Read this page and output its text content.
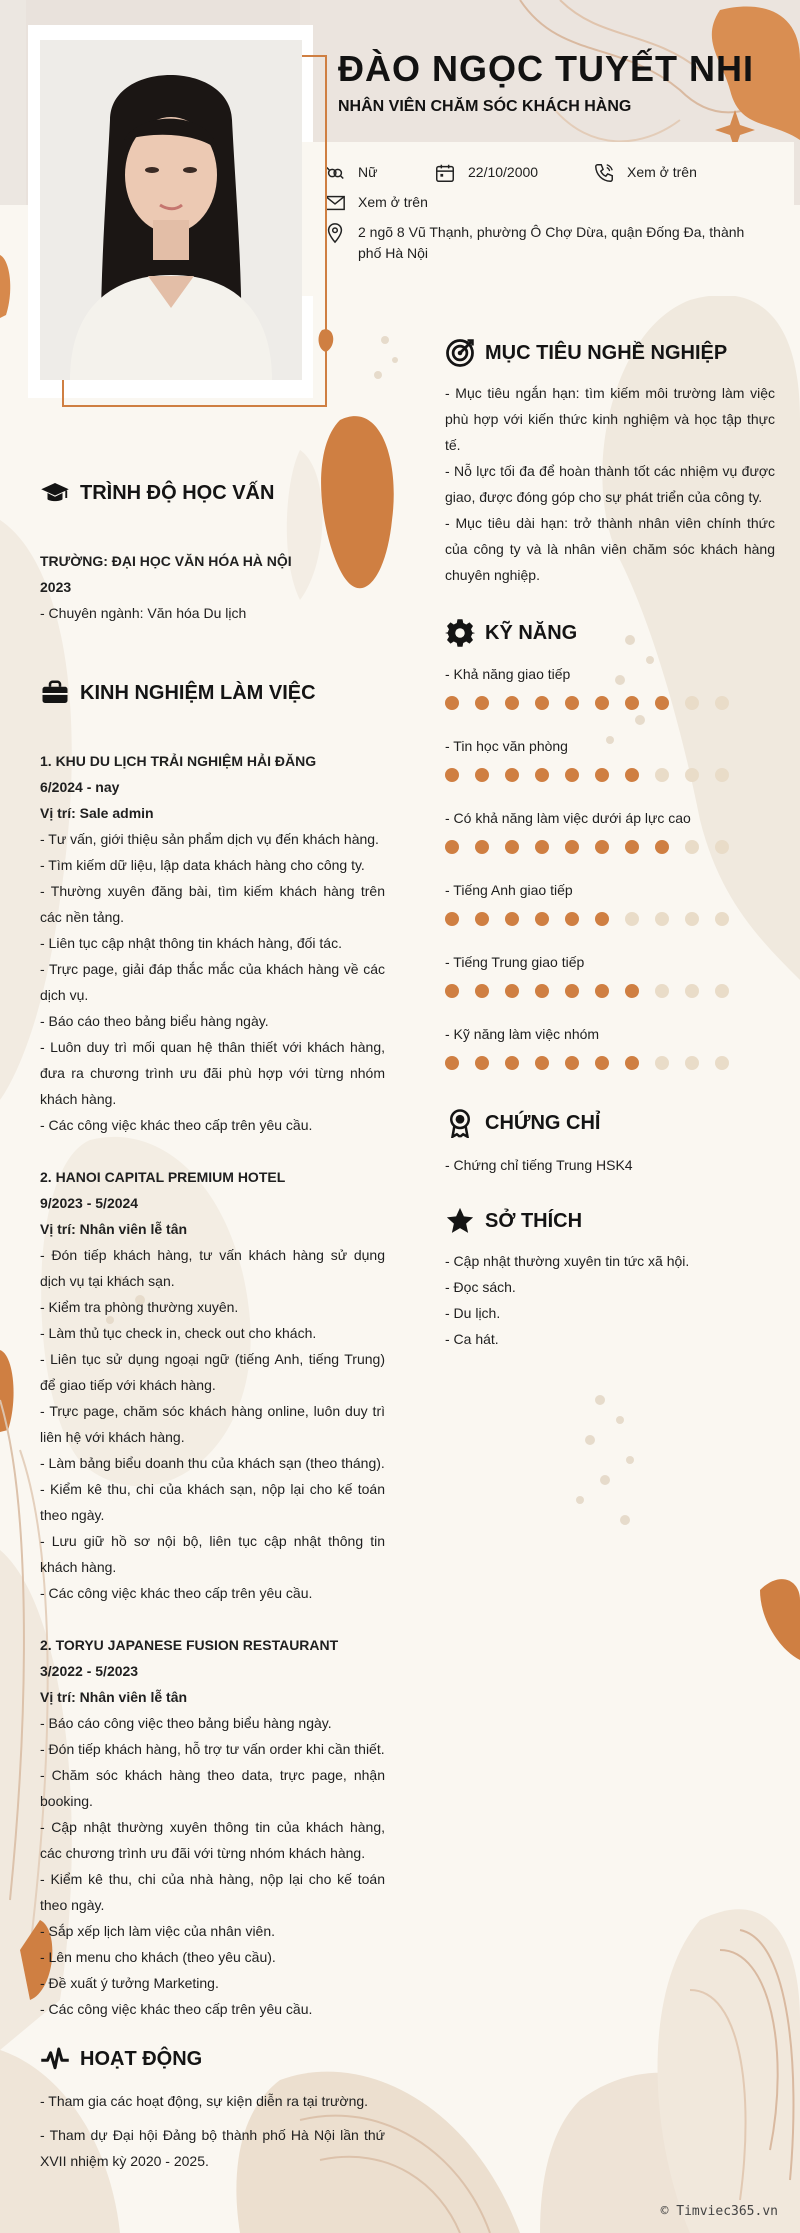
ĐÀO NGỌC TUYẾT NHI
NHÂN VIÊN CHĂM SÓC KHÁCH HÀNG
Nữ	22/10/2000	Xem ở trên
Xem ở trên
2 ngõ 8 Vũ Thạnh, phường Ô Chợ Dừa, quận Đống Đa, thành phố Hà Nội
TRÌNH ĐỘ HỌC VẤN

TRƯỜNG: ĐẠI HỌC VĂN HÓA HÀ NỘI

2023

- Chuyên ngành: Văn hóa Du lịch

KINH NGHIỆM LÀM VIỆC

1. KHU DU LỊCH TRẢI NGHIỆM HẢI ĐĂNG

6/2024 - nay

Vị trí: Sale admin

- Tư vấn, giới thiệu sản phẩm dịch vụ đến khách hàng.

- Tìm kiếm dữ liệu, lập data khách hàng cho công ty.

- Thường xuyên đăng bài, tìm kiếm khách hàng trên các nền tảng.

- Liên tục cập nhật thông tin khách hàng, đối tác.

- Trực page, giải đáp thắc mắc của khách hàng về các dịch vụ.

- Báo cáo theo bảng biểu hàng ngày.

- Luôn duy trì mối quan hệ thân thiết với khách hàng, đưa ra chương trình ưu đãi phù hợp với từng nhóm khách hàng.

- Các công việc khác theo cấp trên yêu cầu.

2. HANOI CAPITAL PREMIUM HOTEL

9/2023 - 5/2024

Vị trí: Nhân viên lễ tân

- Đón tiếp khách hàng, tư vấn khách hàng sử dụng dịch vụ tại khách sạn.

- Kiểm tra phòng thường xuyên.

- Làm thủ tục check in, check out cho khách.

- Liên tục sử dụng ngoại ngữ (tiếng Anh, tiếng Trung) để giao tiếp với khách hàng.

- Trực page, chăm sóc khách hàng online, luôn duy trì liên hệ với khách hàng.

- Làm bảng biểu doanh thu của khách sạn (theo tháng).

- Kiểm kê thu, chi của khách sạn, nộp lại cho kế toán theo ngày.

- Lưu giữ hồ sơ nội bộ, liên tục cập nhật thông tin khách hàng.

- Các công việc khác theo cấp trên yêu cầu.

2. TORYU JAPANESE FUSION RESTAURANT

3/2022 - 5/2023

Vị trí: Nhân viên lễ tân

- Báo cáo công việc theo bảng biểu hàng ngày.

- Đón tiếp khách hàng, hỗ trợ tư vấn order khi cần thiết.

- Chăm sóc khách hàng theo data, trực page, nhận booking.

- Cập nhật thường xuyên thông tin của khách hàng, các chương trình ưu đãi với từng nhóm khách hàng.

- Kiểm kê thu, chi của nhà hàng, nộp lại cho kế toán theo ngày.

- Sắp xếp lịch làm việc của nhân viên.

- Lên menu cho khách (theo yêu cầu).

- Đề xuất ý tưởng Marketing.

- Các công việc khác theo cấp trên yêu cầu.

HOẠT ĐỘNG

- Tham gia các hoạt động, sự kiện diễn ra tại trường.

- Tham dự Đại hội Đảng bộ thành phố Hà Nội lần thứ XVII nhiệm kỳ 2020 - 2025.

MỤC TIÊU NGHỀ NGHIỆP

- Mục tiêu ngắn hạn: tìm kiếm môi trường làm việc phù hợp với kiến thức kinh nghiệm và học tập thực tế.

- Nỗ lực tối đa để hoàn thành tốt các nhiệm vụ được giao, được đóng góp cho sự phát triển của công ty.

- Mục tiêu dài hạn: trở thành nhân viên chính thức của công ty và là nhân viên chăm sóc khách hàng chuyên nghiệp.

KỸ NĂNG
- Khả năng giao tiếp
- Tin học văn phòng
- Có khả năng làm việc dưới áp lực cao
- Tiếng Anh giao tiếp
- Tiếng Trung giao tiếp
- Kỹ năng làm việc nhóm
CHỨNG CHỈ

- Chứng chỉ tiếng Trung HSK4

SỞ THÍCH

- Cập nhật thường xuyên tin tức xã hội.

- Đọc sách.

- Du lịch.

- Ca hát.

© Timviec365.vn
